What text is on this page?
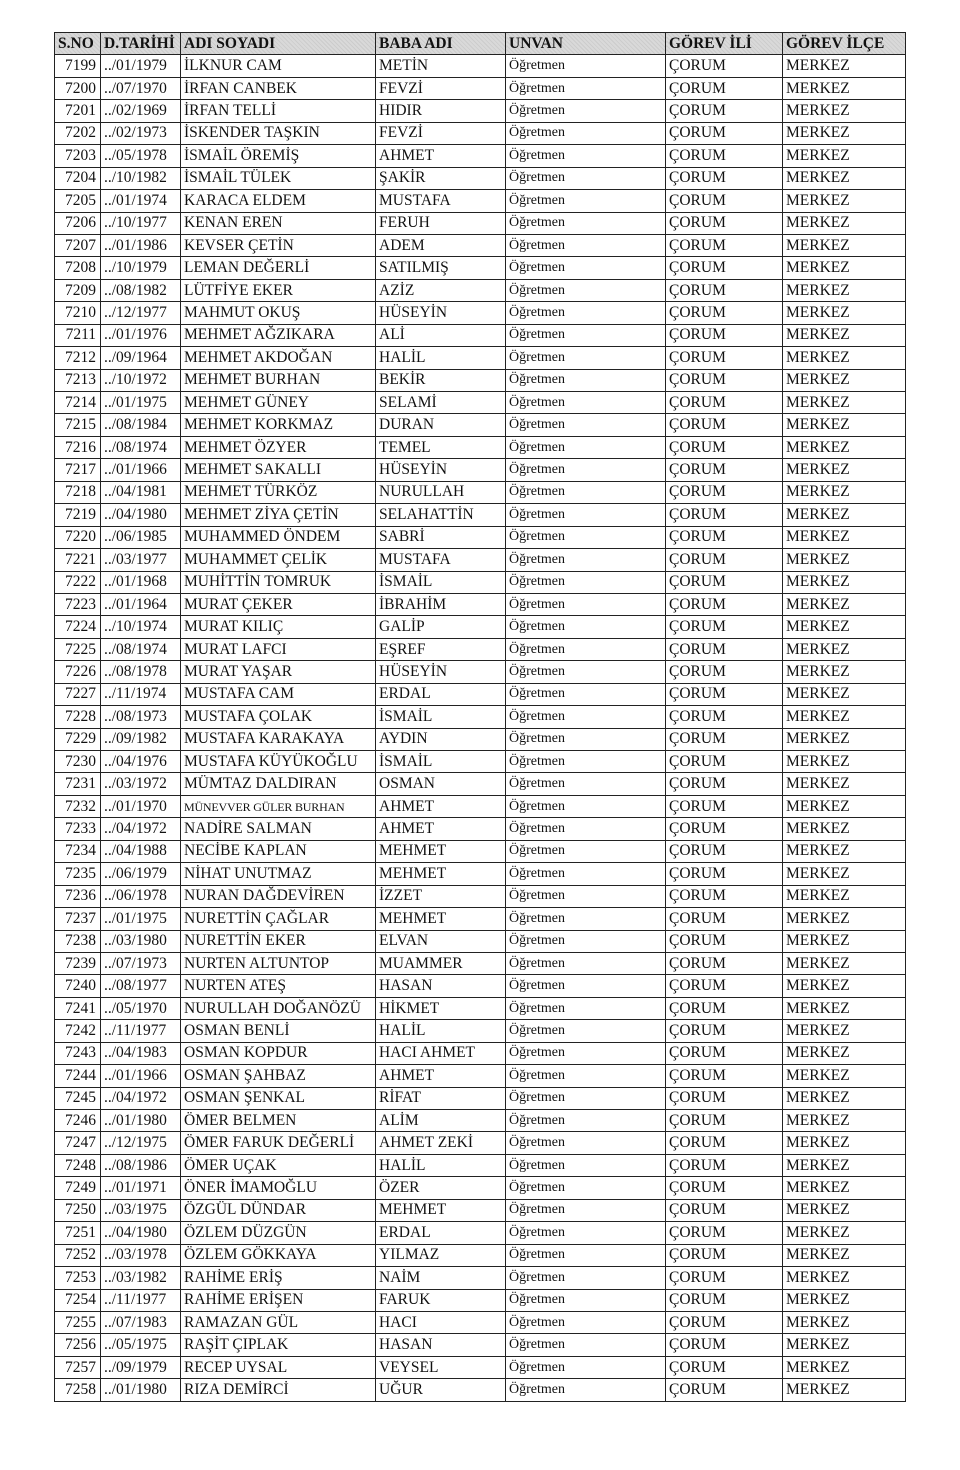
S.NO	D.TARİHİ	ADI SOYADI	BABA ADI	UNVAN	GÖREV İLİ	GÖREV İLÇE
7199	../01/1979	İLKNUR CAM	METİN	Öğretmen	ÇORUM	MERKEZ
7200	../07/1970	İRFAN CANBEK	FEVZİ	Öğretmen	ÇORUM	MERKEZ
7201	../02/1969	İRFAN TELLİ	HIDIR	Öğretmen	ÇORUM	MERKEZ
7202	../02/1973	İSKENDER TAŞKIN	FEVZİ	Öğretmen	ÇORUM	MERKEZ
7203	../05/1978	İSMAİL ÖREMİŞ	AHMET	Öğretmen	ÇORUM	MERKEZ
7204	../10/1982	İSMAİL TÜLEK	ŞAKİR	Öğretmen	ÇORUM	MERKEZ
7205	../01/1974	KARACA ELDEM	MUSTAFA	Öğretmen	ÇORUM	MERKEZ
7206	../10/1977	KENAN EREN	FERUH	Öğretmen	ÇORUM	MERKEZ
7207	../01/1986	KEVSER ÇETİN	ADEM	Öğretmen	ÇORUM	MERKEZ
7208	../10/1979	LEMAN DEĞERLİ	SATILMIŞ	Öğretmen	ÇORUM	MERKEZ
7209	../08/1982	LÜTFİYE EKER	AZİZ	Öğretmen	ÇORUM	MERKEZ
7210	../12/1977	MAHMUT OKUŞ	HÜSEYİN	Öğretmen	ÇORUM	MERKEZ
7211	../01/1976	MEHMET AĞZIKARA	ALİ	Öğretmen	ÇORUM	MERKEZ
7212	../09/1964	MEHMET AKDOĞAN	HALİL	Öğretmen	ÇORUM	MERKEZ
7213	../10/1972	MEHMET BURHAN	BEKİR	Öğretmen	ÇORUM	MERKEZ
7214	../01/1975	MEHMET GÜNEY	SELAMİ	Öğretmen	ÇORUM	MERKEZ
7215	../08/1984	MEHMET KORKMAZ	DURAN	Öğretmen	ÇORUM	MERKEZ
7216	../08/1974	MEHMET ÖZYER	TEMEL	Öğretmen	ÇORUM	MERKEZ
7217	../01/1966	MEHMET SAKALLI	HÜSEYİN	Öğretmen	ÇORUM	MERKEZ
7218	../04/1981	MEHMET TÜRKÖZ	NURULLAH	Öğretmen	ÇORUM	MERKEZ
7219	../04/1980	MEHMET ZİYA ÇETİN	SELAHATTİN	Öğretmen	ÇORUM	MERKEZ
7220	../06/1985	MUHAMMED ÖNDEM	SABRİ	Öğretmen	ÇORUM	MERKEZ
7221	../03/1977	MUHAMMET ÇELİK	MUSTAFA	Öğretmen	ÇORUM	MERKEZ
7222	../01/1968	MUHİTTİN TOMRUK	İSMAİL	Öğretmen	ÇORUM	MERKEZ
7223	../01/1964	MURAT ÇEKER	İBRAHİM	Öğretmen	ÇORUM	MERKEZ
7224	../10/1974	MURAT KILIÇ	GALİP	Öğretmen	ÇORUM	MERKEZ
7225	../08/1974	MURAT LAFCI	EŞREF	Öğretmen	ÇORUM	MERKEZ
7226	../08/1978	MURAT YAŞAR	HÜSEYİN	Öğretmen	ÇORUM	MERKEZ
7227	../11/1974	MUSTAFA CAM	ERDAL	Öğretmen	ÇORUM	MERKEZ
7228	../08/1973	MUSTAFA ÇOLAK	İSMAİL	Öğretmen	ÇORUM	MERKEZ
7229	../09/1982	MUSTAFA KARAKAYA	AYDIN	Öğretmen	ÇORUM	MERKEZ
7230	../04/1976	MUSTAFA KÜYÜKOĞLU	İSMAİL	Öğretmen	ÇORUM	MERKEZ
7231	../03/1972	MÜMTAZ DALDIRAN	OSMAN	Öğretmen	ÇORUM	MERKEZ
7232	../01/1970	MÜNEVVER GÜLER BURHAN	AHMET	Öğretmen	ÇORUM	MERKEZ
7233	../04/1972	NADİRE SALMAN	AHMET	Öğretmen	ÇORUM	MERKEZ
7234	../04/1988	NECİBE KAPLAN	MEHMET	Öğretmen	ÇORUM	MERKEZ
7235	../06/1979	NİHAT UNUTMAZ	MEHMET	Öğretmen	ÇORUM	MERKEZ
7236	../06/1978	NURAN DAĞDEVİREN	İZZET	Öğretmen	ÇORUM	MERKEZ
7237	../01/1975	NURETTİN ÇAĞLAR	MEHMET	Öğretmen	ÇORUM	MERKEZ
7238	../03/1980	NURETTİN EKER	ELVAN	Öğretmen	ÇORUM	MERKEZ
7239	../07/1973	NURTEN ALTUNTOP	MUAMMER	Öğretmen	ÇORUM	MERKEZ
7240	../08/1977	NURTEN ATEŞ	HASAN	Öğretmen	ÇORUM	MERKEZ
7241	../05/1970	NURULLAH DOĞANÖZÜ	HİKMET	Öğretmen	ÇORUM	MERKEZ
7242	../11/1977	OSMAN BENLİ	HALİL	Öğretmen	ÇORUM	MERKEZ
7243	../04/1983	OSMAN KOPDUR	HACI AHMET	Öğretmen	ÇORUM	MERKEZ
7244	../01/1966	OSMAN ŞAHBAZ	AHMET	Öğretmen	ÇORUM	MERKEZ
7245	../04/1972	OSMAN ŞENKAL	RİFAT	Öğretmen	ÇORUM	MERKEZ
7246	../01/1980	ÖMER BELMEN	ALİM	Öğretmen	ÇORUM	MERKEZ
7247	../12/1975	ÖMER FARUK DEĞERLİ	AHMET ZEKİ	Öğretmen	ÇORUM	MERKEZ
7248	../08/1986	ÖMER UÇAK	HALİL	Öğretmen	ÇORUM	MERKEZ
7249	../01/1971	ÖNER İMAMOĞLU	ÖZER	Öğretmen	ÇORUM	MERKEZ
7250	../03/1975	ÖZGÜL DÜNDAR	MEHMET	Öğretmen	ÇORUM	MERKEZ
7251	../04/1980	ÖZLEM DÜZGÜN	ERDAL	Öğretmen	ÇORUM	MERKEZ
7252	../03/1978	ÖZLEM GÖKKAYA	YILMAZ	Öğretmen	ÇORUM	MERKEZ
7253	../03/1982	RAHİME ERİŞ	NAİM	Öğretmen	ÇORUM	MERKEZ
7254	../11/1977	RAHİME ERİŞEN	FARUK	Öğretmen	ÇORUM	MERKEZ
7255	../07/1983	RAMAZAN GÜL	HACI	Öğretmen	ÇORUM	MERKEZ
7256	../05/1975	RAŞİT ÇIPLAK	HASAN	Öğretmen	ÇORUM	MERKEZ
7257	../09/1979	RECEP UYSAL	VEYSEL	Öğretmen	ÇORUM	MERKEZ
7258	../01/1980	RIZA DEMİRCİ	UĞUR	Öğretmen	ÇORUM	MERKEZ
